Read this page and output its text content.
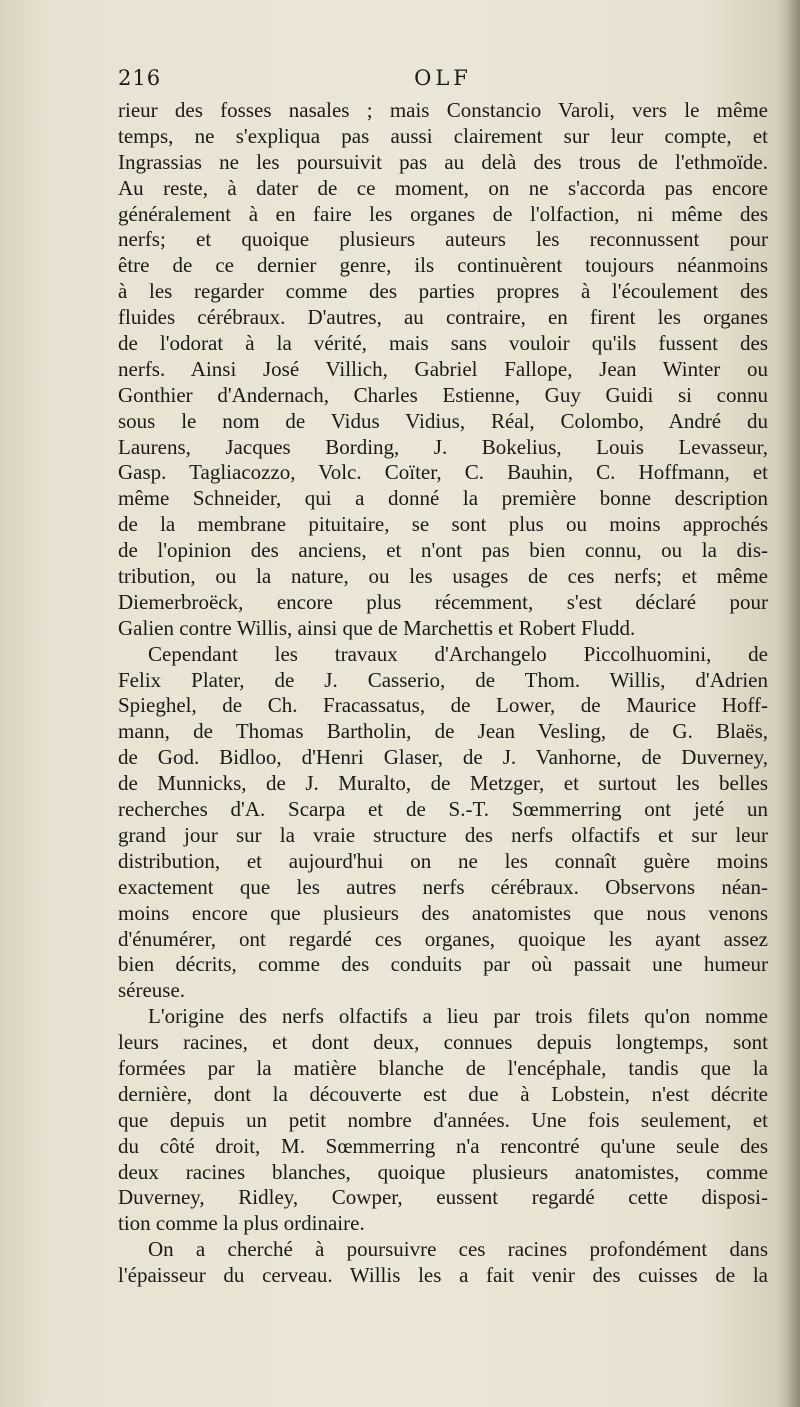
216	OLF
rieur des fosses nasales ; mais Constancio Varoli, vers le même
temps, ne s'expliqua pas aussi clairement sur leur compte, et
Ingrassias ne les poursuivit pas au delà des trous de l'ethmoïde.
Au reste, à dater de ce moment, on ne s'accorda pas encore
généralement à en faire les organes de l'olfaction, ni même des
nerfs; et quoique plusieurs auteurs les reconnussent pour
être de ce dernier genre, ils continuèrent toujours néanmoins
à les regarder comme des parties propres à l'écoulement des
fluides cérébraux. D'autres, au contraire, en firent les organes
de l'odorat à la vérité, mais sans vouloir qu'ils fussent des
nerfs. Ainsi José Villich, Gabriel Fallope, Jean Winter ou
Gonthier d'Andernach, Charles Estienne, Guy Guidi si connu
sous le nom de Vidus Vidius, Réal, Colombo, André du
Laurens, Jacques Bording, J. Bokelius, Louis Levasseur,
Gasp. Tagliacozzo, Volc. Coïter, C. Bauhin, C. Hoffmann, et
même Schneider, qui a donné la première bonne description
de la membrane pituitaire, se sont plus ou moins approchés
de l'opinion des anciens, et n'ont pas bien connu, ou la dis-
tribution, ou la nature, ou les usages de ces nerfs; et même
Diemerbroëck, encore plus récemment, s'est déclaré pour
Galien contre Willis, ainsi que de Marchettis et Robert Fludd.
Cependant les travaux d'Archangelo Piccolhuomini, de
Felix Plater, de J. Casserio, de Thom. Willis, d'Adrien
Spieghel, de Ch. Fracassatus, de Lower, de Maurice Hoff-
mann, de Thomas Bartholin, de Jean Vesling, de G. Blaës,
de God. Bidloo, d'Henri Glaser, de J. Vanhorne, de Duverney,
de Munnicks, de J. Muralto, de Metzger, et surtout les belles
recherches d'A. Scarpa et de S.-T. Sœmmerring ont jeté un
grand jour sur la vraie structure des nerfs olfactifs et sur leur
distribution, et aujourd'hui on ne les connaît guère moins
exactement que les autres nerfs cérébraux. Observons néan-
moins encore que plusieurs des anatomistes que nous venons
d'énumérer, ont regardé ces organes, quoique les ayant assez
bien décrits, comme des conduits par où passait une humeur
séreuse.
L'origine des nerfs olfactifs a lieu par trois filets qu'on nomme
leurs racines, et dont deux, connues depuis longtemps, sont
formées par la matière blanche de l'encéphale, tandis que la
dernière, dont la découverte est due à Lobstein, n'est décrite
que depuis un petit nombre d'années. Une fois seulement, et
du côté droit, M. Sœmmerring n'a rencontré qu'une seule des
deux racines blanches, quoique plusieurs anatomistes, comme
Duverney, Ridley, Cowper, eussent regardé cette disposi-
tion comme la plus ordinaire.
On a cherché à poursuivre ces racines profondément dans
l'épaisseur du cerveau. Willis les a fait venir des cuisses de la
